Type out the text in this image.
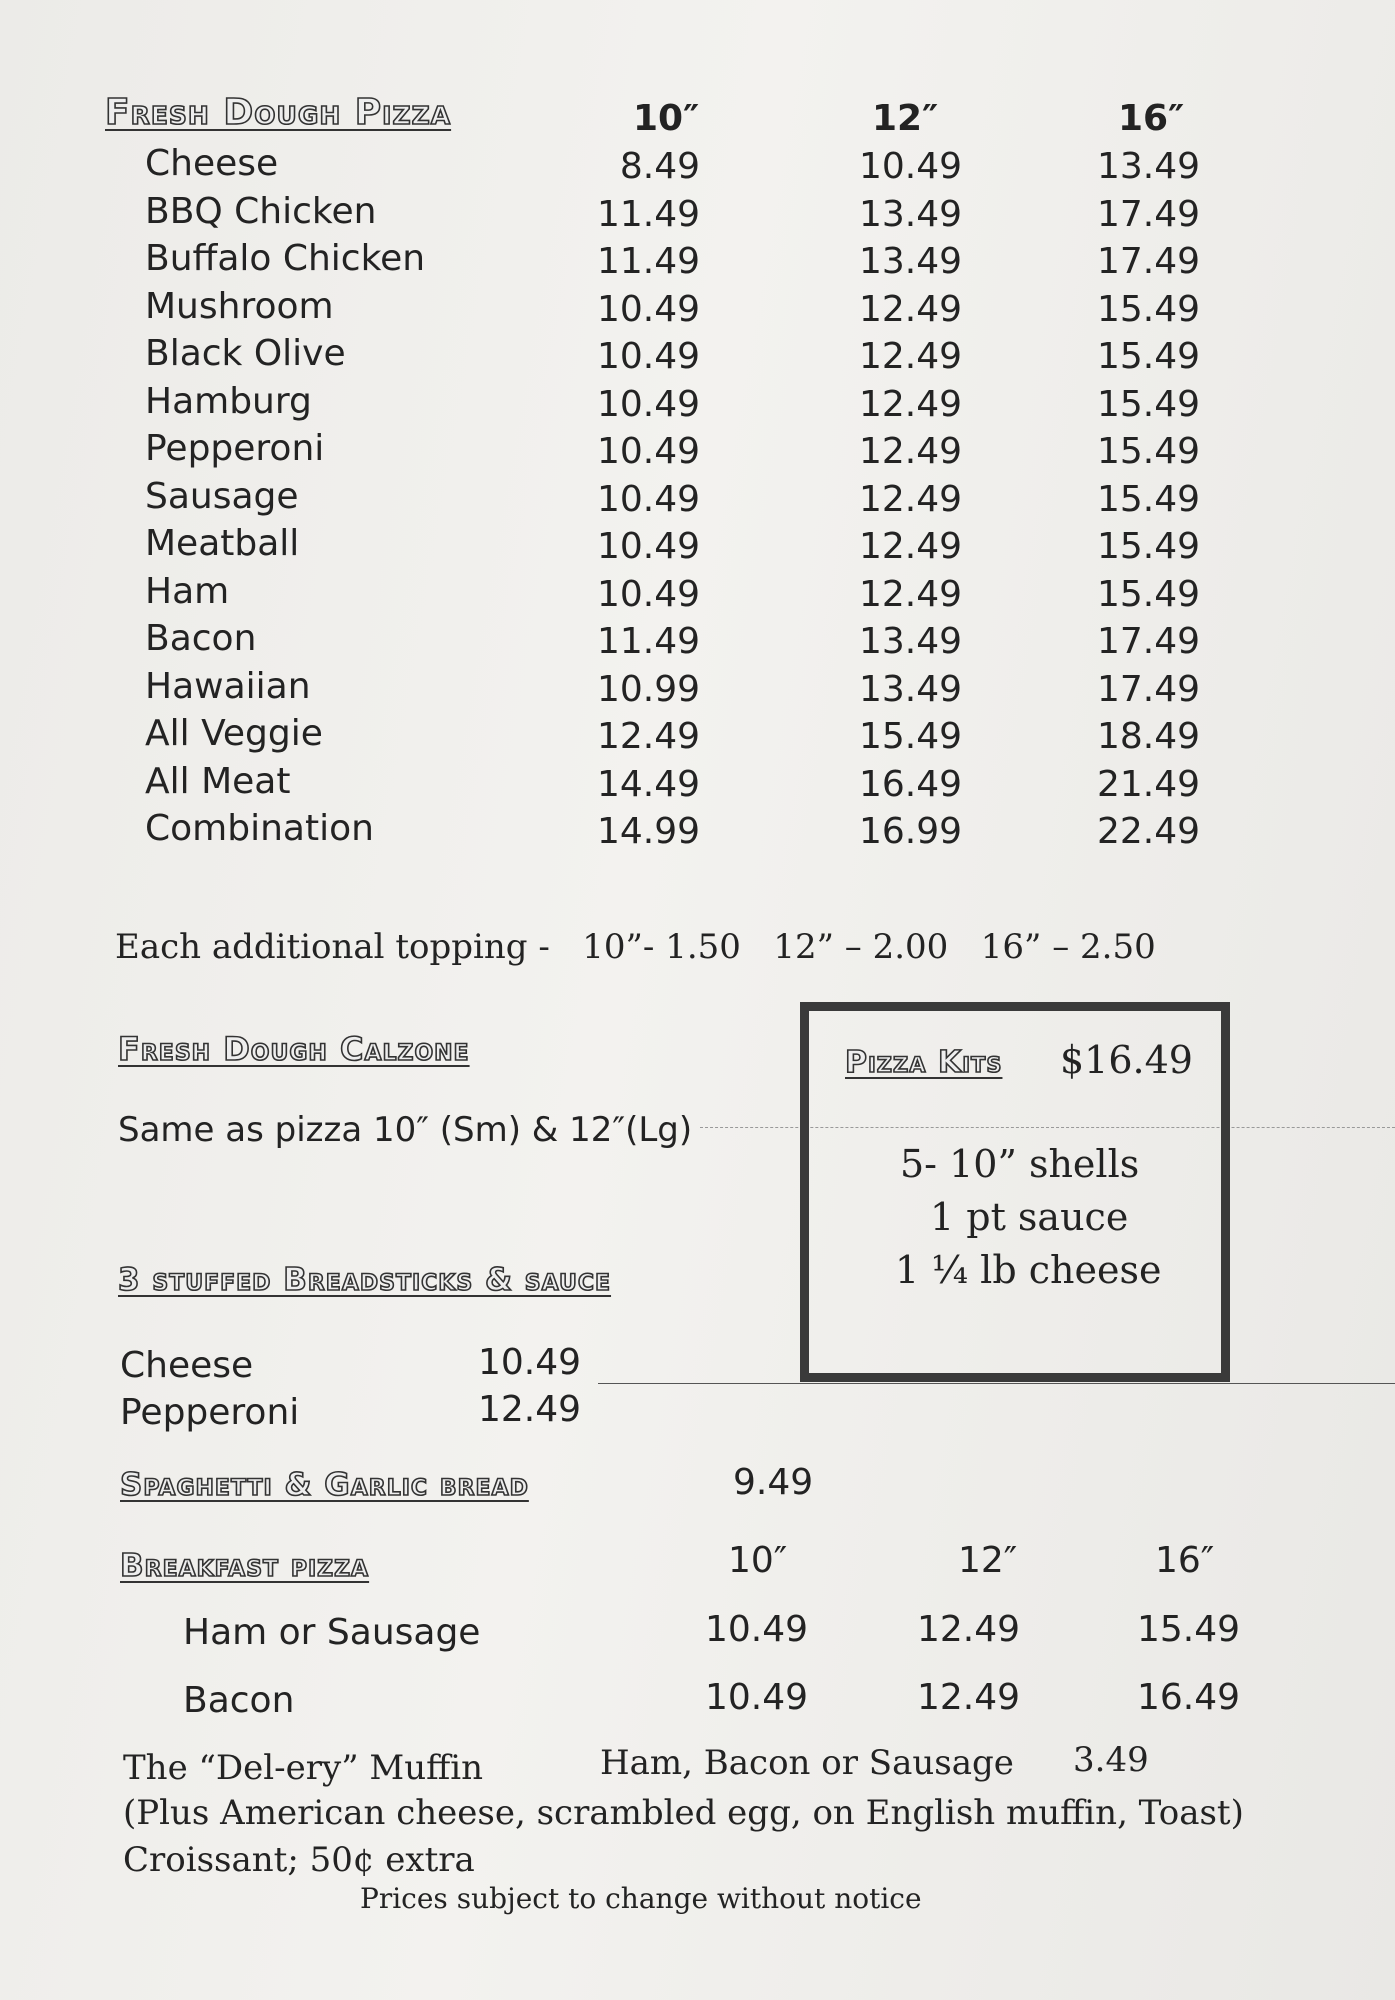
Fresh Dough Pizza	10″	12″	16″
Cheese	8.49	10.49	13.49
BBQ Chicken	11.49	13.49	17.49
Buffalo Chicken	11.49	13.49	17.49
Mushroom	10.49	12.49	15.49
Black Olive	10.49	12.49	15.49
Hamburg	10.49	12.49	15.49
Pepperoni	10.49	12.49	15.49
Sausage	10.49	12.49	15.49
Meatball	10.49	12.49	15.49
Ham	10.49	12.49	15.49
Bacon	11.49	13.49	17.49
Hawaiian	10.99	13.49	17.49
All Veggie	12.49	15.49	18.49
All Meat	14.49	16.49	21.49
Combination	14.99	16.99	22.49
Each additional topping -   10”- 1.50   12” – 2.00   16” – 2.50
Fresh Dough Calzone
Same as pizza 10″ (Sm) & 12″(Lg)
Pizza Kits $16.49
5- 10” shells
1 pt sauce
1 ¼ lb cheese
3 stuffed Breadsticks & sauce
Cheese	10.49
Pepperoni	12.49
Spaghetti & Garlic bread	9.49
Breakfast pizza	10″	12″	16″
Ham or Sausage	10.49	12.49	15.49
Bacon	10.49	12.49	16.49
The “Del-ery” Muffin	Ham, Bacon or Sausage 3.49
(Plus American cheese, scrambled egg, on English muffin, Toast)
Croissant; 50¢ extra
Prices subject to change without notice
